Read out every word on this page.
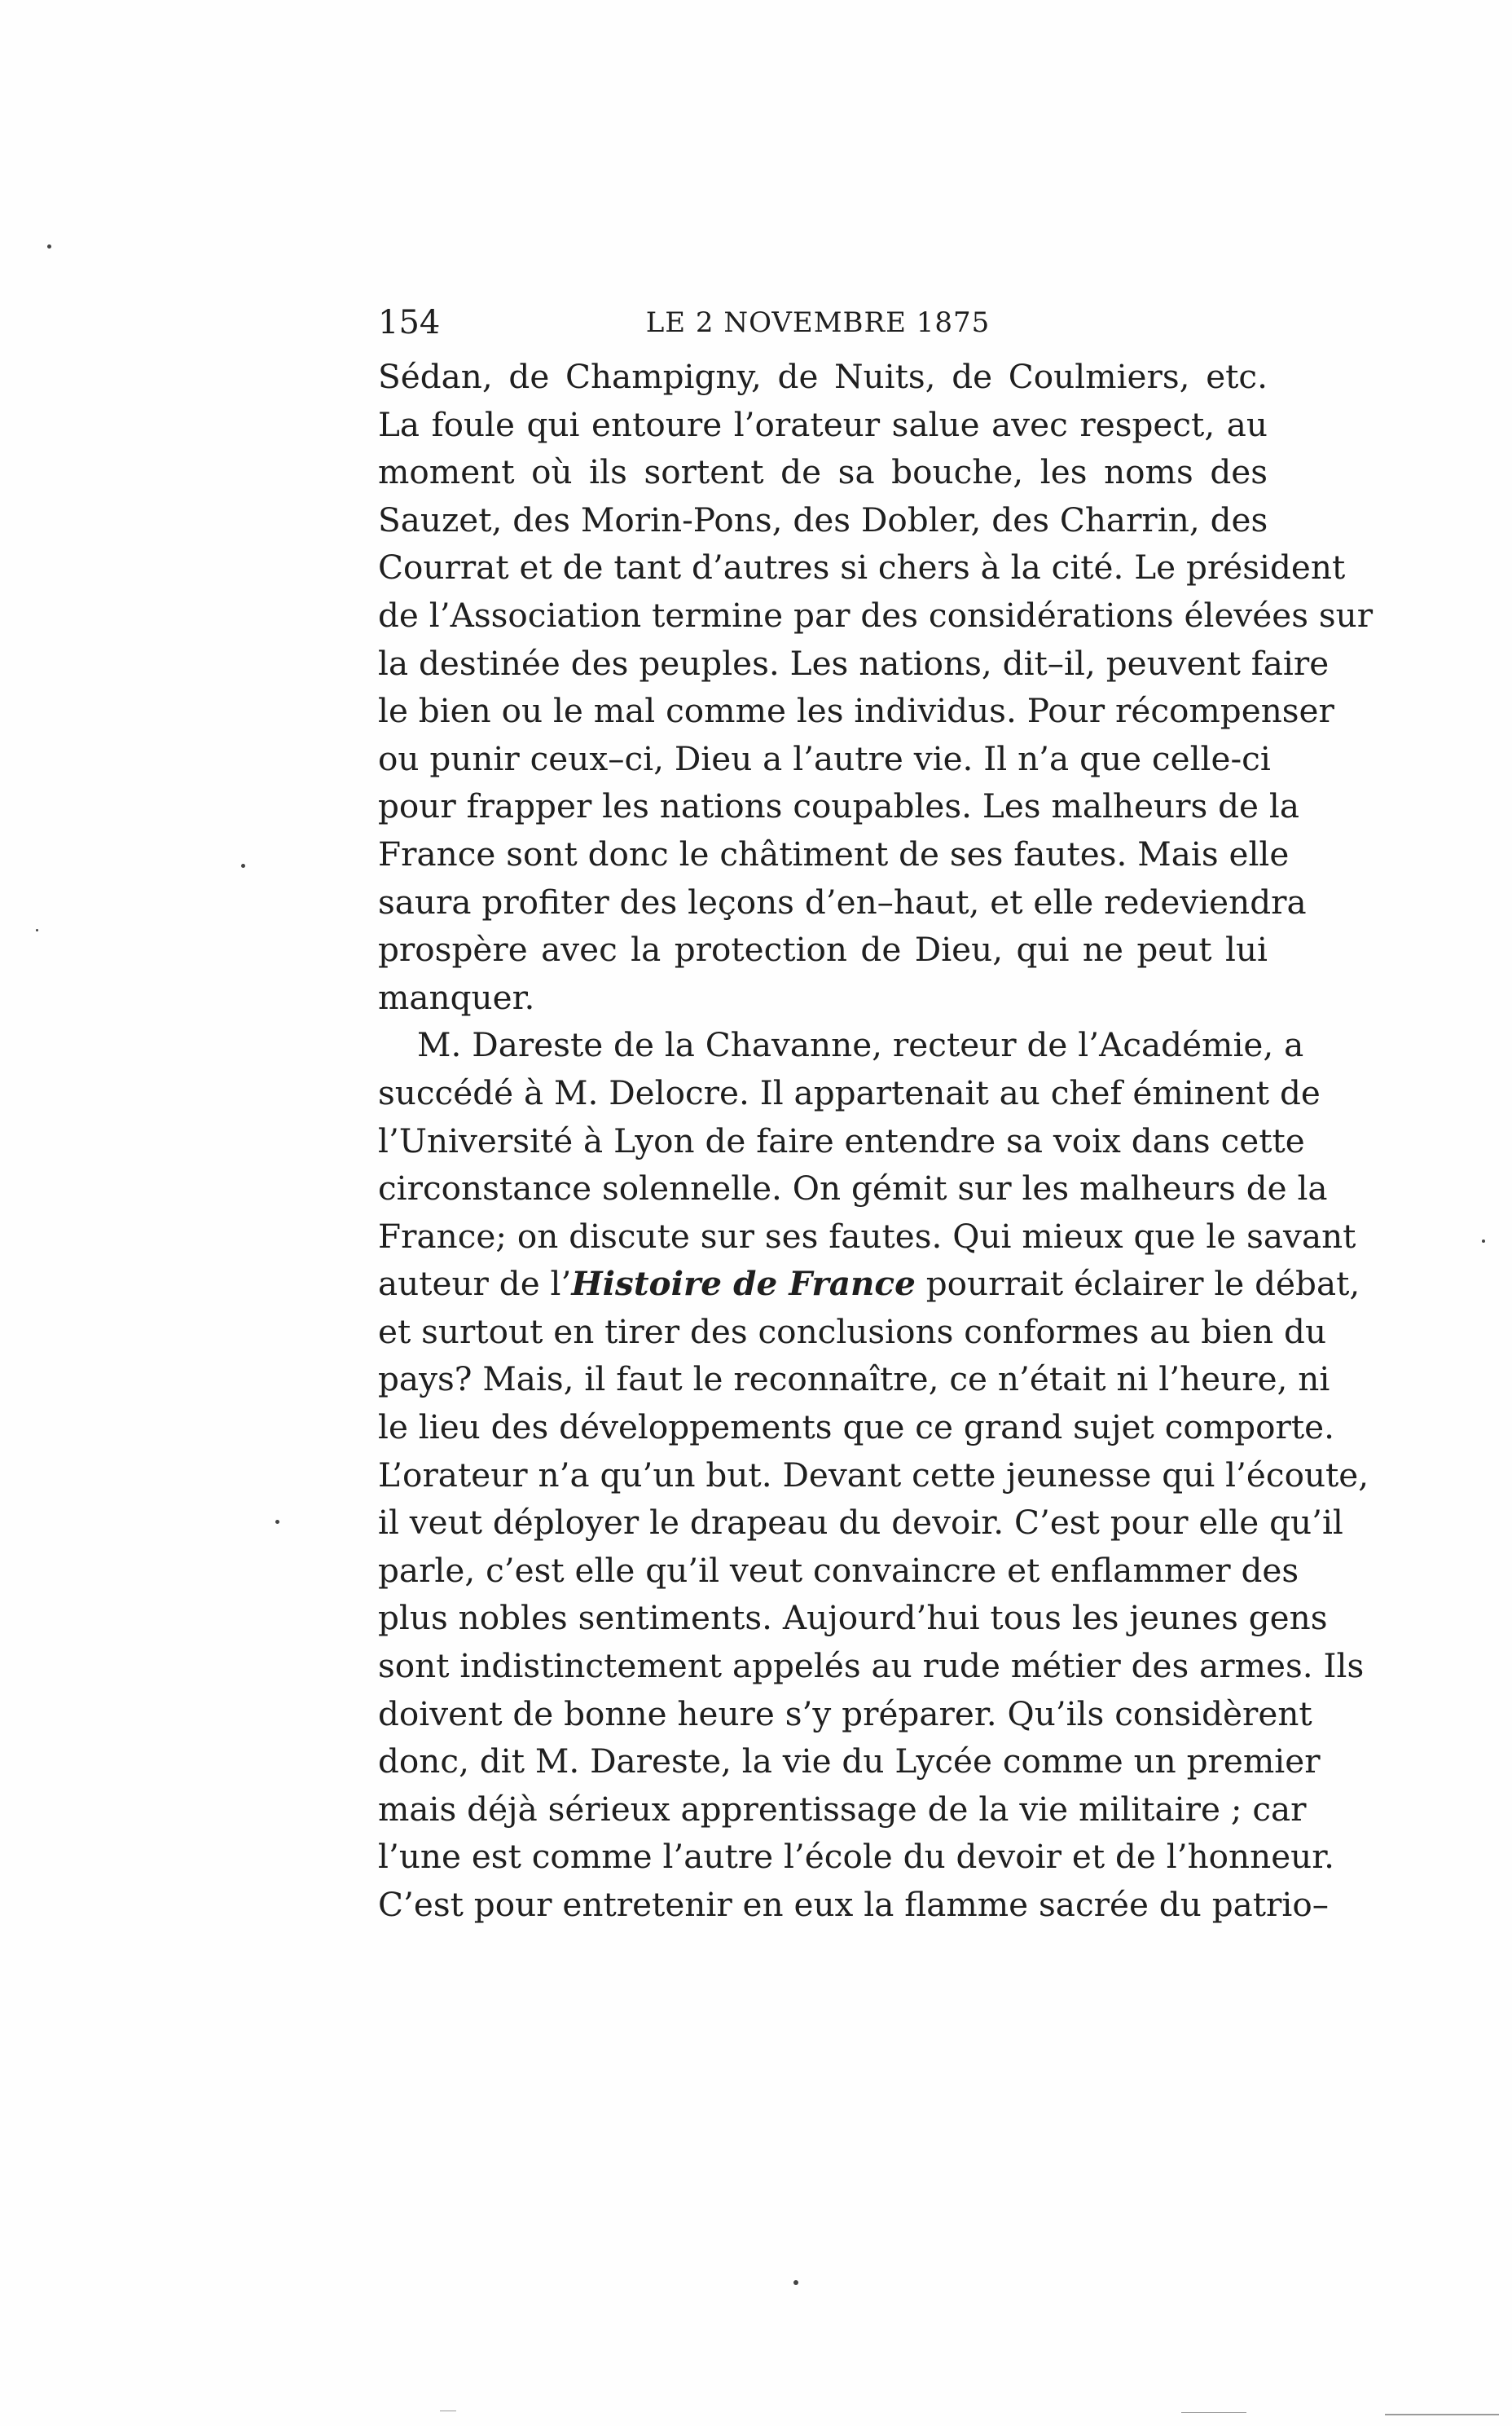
154	LE 2 NOVEMBRE 1875

Sédan, de Champigny, de Nuits, de Coulmiers, etc.
La foule qui entoure l’orateur salue avec respect, au
moment où ils sortent de sa bouche, les noms des
Sauzet, des Morin-Pons, des Dobler, des Charrin, des
Courrat et de tant d’autres si chers à la cité. Le président
de l’Association termine par des considérations élevées sur
la destinée des peuples. Les nations, dit–il, peuvent faire
le bien ou le mal comme les individus. Pour récompenser
ou punir ceux–ci, Dieu a l’autre vie. Il n’a que celle-ci
pour frapper les nations coupables. Les malheurs de la
France sont donc le châtiment de ses fautes. Mais elle
saura profiter des leçons d’en–haut, et elle redeviendra
prospère avec la protection de Dieu, qui ne peut lui
manquer.

M. Dareste de la Chavanne, recteur de l’Académie, a
succédé à M. Delocre. Il appartenait au chef éminent de
l’Université à Lyon de faire entendre sa voix dans cette
circonstance solennelle. On gémit sur les malheurs de la
France; on discute sur ses fautes. Qui mieux que le savant
auteur de l’Histoire de France pourrait éclairer le débat,
et surtout en tirer des conclusions conformes au bien du
pays? Mais, il faut le reconnaître, ce n’était ni l’heure, ni
le lieu des développements que ce grand sujet comporte.
L’orateur n’a qu’un but. Devant cette jeunesse qui l’écoute,
il veut déployer le drapeau du devoir. C’est pour elle qu’il
parle, c’est elle qu’il veut convaincre et enflammer des
plus nobles sentiments. Aujourd’hui tous les jeunes gens
sont indistinctement appelés au rude métier des armes. Ils
doivent de bonne heure s’y préparer. Qu’ils considèrent
donc, dit M. Dareste, la vie du Lycée comme un premier
mais déjà sérieux apprentissage de la vie militaire ; car
l’une est comme l’autre l’école du devoir et de l’honneur.
C’est pour entretenir en eux la flamme sacrée du patrio–
